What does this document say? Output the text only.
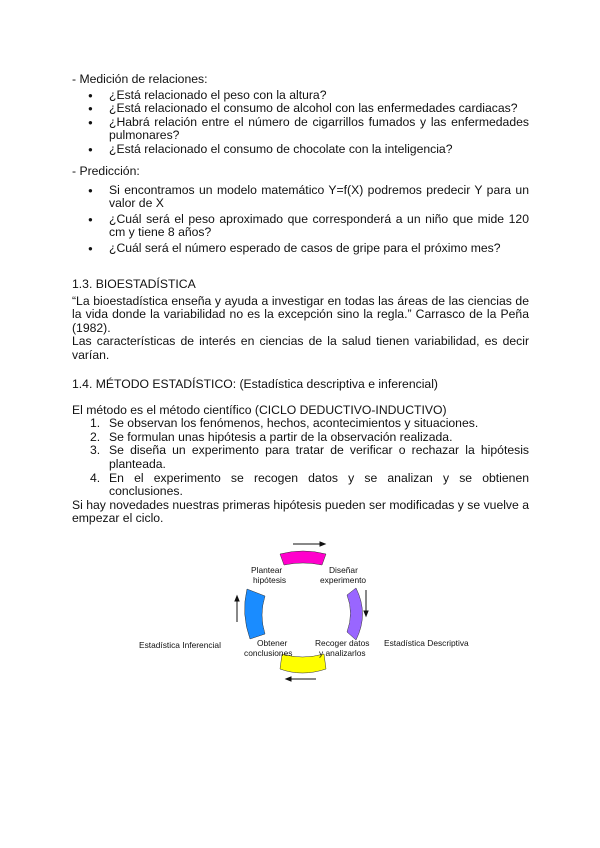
- Medición de relaciones:
● ¿Está relacionado el peso con la altura?
● ¿Está relacionado el consumo de alcohol con las enfermedades cardiacas?
● ¿Habrá relación entre el número de cigarrillos fumados y las enfermedades pulmonares?
● ¿Está relacionado el consumo de chocolate con la inteligencia?
- Predicción:
● Si encontramos un modelo matemático Y=f(X) podremos predecir Y para un valor de X
● ¿Cuál será el peso aproximado que corresponderá a un niño que mide 120 cm y tiene 8 años?
● ¿Cuál será el número esperado de casos de gripe para el próximo mes?
1.3. BIOESTADÍSTICA
“La bioestadística enseña y ayuda a investigar en todas las áreas de las ciencias de la vida donde la variabilidad no es la excepción sino la regla.” Carrasco de la Peña (1982).
Las características de interés en ciencias de la salud tienen variabilidad, es decir varían.
1.4. MÉTODO ESTADÍSTICO: (Estadística descriptiva e inferencial)
El método es el método científico (CICLO DEDUCTIVO-INDUCTIVO)
1. Se observan los fenómenos, hechos, acontecimientos y situaciones.
2. Se formulan unas hipótesis a partir de la observación realizada.
3. Se diseña un experimento para tratar de verificar o rechazar la hipótesis planteada.
4. En el experimento se recogen datos y se analizan y se obtienen conclusiones.
Si hay novedades nuestras primeras hipótesis pueden ser modificadas y se vuelve a empezar el ciclo.
Plantear
hipótesis
Diseñar
experimento
Obtener
conclusiones
Recoger datos
y analizarlos
Estadística Inferencial	Estadística Descriptiva
